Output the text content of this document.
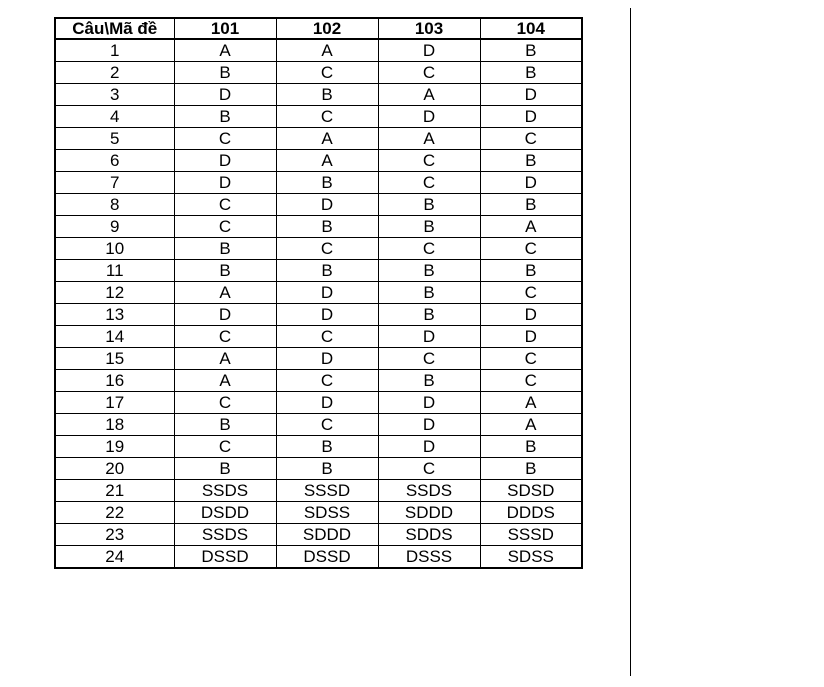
Câu\Mã đề	101	102	103	104
1	A	A	D	B
2	B	C	C	B
3	D	B	A	D
4	B	C	D	D
5	C	A	A	C
6	D	A	C	B
7	D	B	C	D
8	C	D	B	B
9	C	B	B	A
10	B	C	C	C
11	B	B	B	B
12	A	D	B	C
13	D	D	B	D
14	C	C	D	D
15	A	D	C	C
16	A	C	B	C
17	C	D	D	A
18	B	C	D	A
19	C	B	D	B
20	B	B	C	B
21	SSDS	SSSD	SSDS	SDSD
22	DSDD	SDSS	SDDD	DDDS
23	SSDS	SDDD	SDDS	SSSD
24	DSSD	DSSD	DSSS	SDSS
